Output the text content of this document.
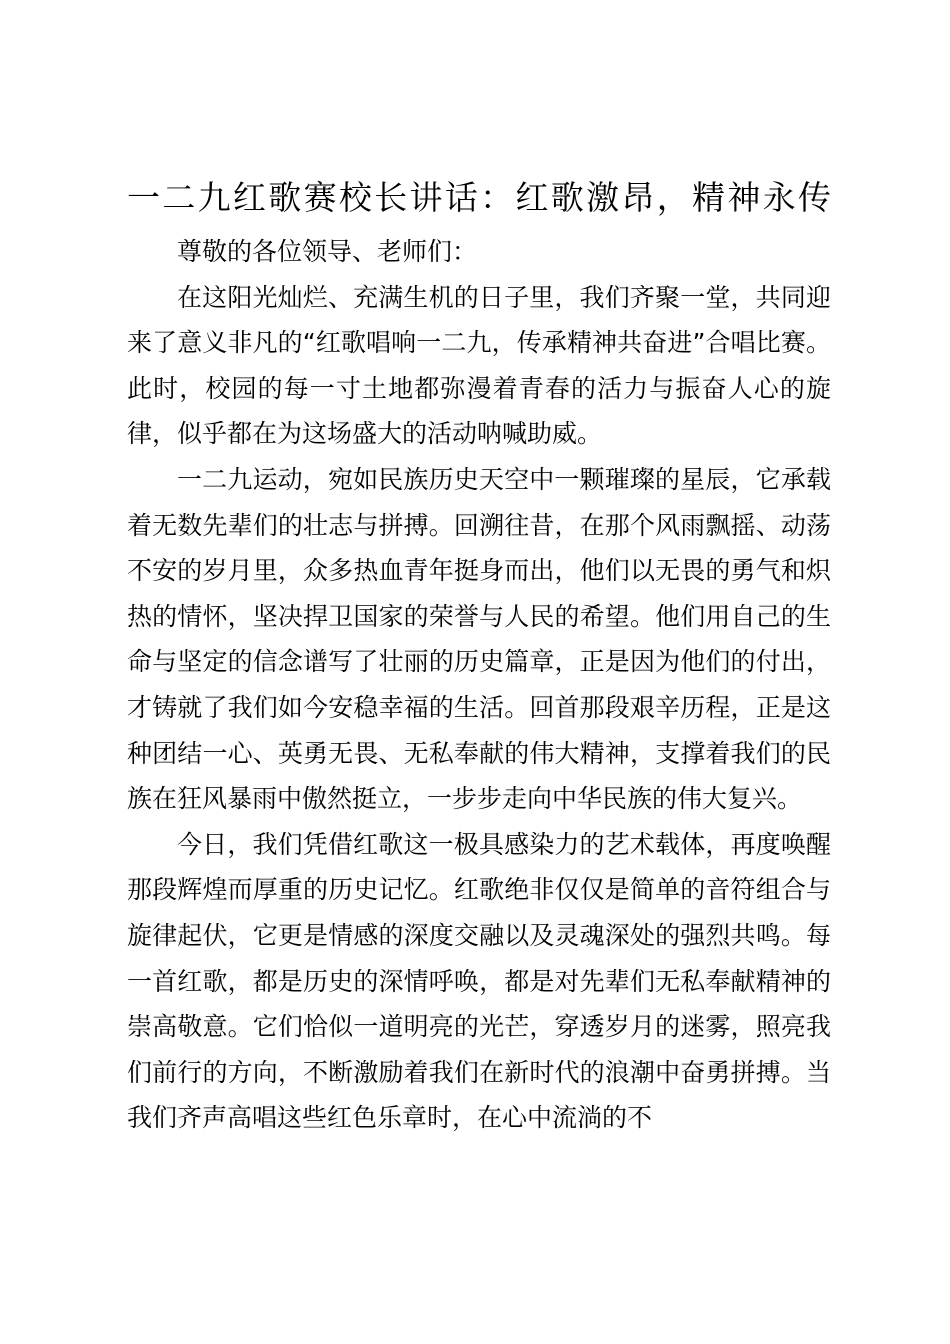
一二九红歌赛校长讲话：红歌激昂，精神永传

尊敬的各位领导、老师们：

在这阳光灿烂、充满生机的日子里，我们齐聚一堂，共同迎来了意义非凡的“红歌唱响一二九，传承精神共奋进”合唱比赛。此时，校园的每一寸土地都弥漫着青春的活力与振奋人心的旋律，似乎都在为这场盛大的活动呐喊助威。

一二九运动，宛如民族历史天空中一颗璀璨的星辰，它承载着无数先辈们的壮志与拼搏。回溯往昔，在那个风雨飘摇、动荡不安的岁月里，众多热血青年挺身而出，他们以无畏的勇气和炽热的情怀，坚决捍卫国家的荣誉与人民的希望。他们用自己的生命与坚定的信念谱写了壮丽的历史篇章，正是因为他们的付出，才铸就了我们如今安稳幸福的生活。回首那段艰辛历程，正是这种团结一心、英勇无畏、无私奉献的伟大精神，支撑着我们的民族在狂风暴雨中傲然挺立，一步步走向中华民族的伟大复兴。

今日，我们凭借红歌这一极具感染力的艺术载体，再度唤醒那段辉煌而厚重的历史记忆。红歌绝非仅仅是简单的音符组合与旋律起伏，它更是情感的深度交融以及灵魂深处的强烈共鸣。每一首红歌，都是历史的深情呼唤，都是对先辈们无私奉献精神的崇高敬意。它们恰似一道明亮的光芒，穿透岁月的迷雾，照亮我们前行的方向，不断激励着我们在新时代的浪潮中奋勇拼搏。当我们齐声高唱这些红色乐章时，在心中流淌的不
